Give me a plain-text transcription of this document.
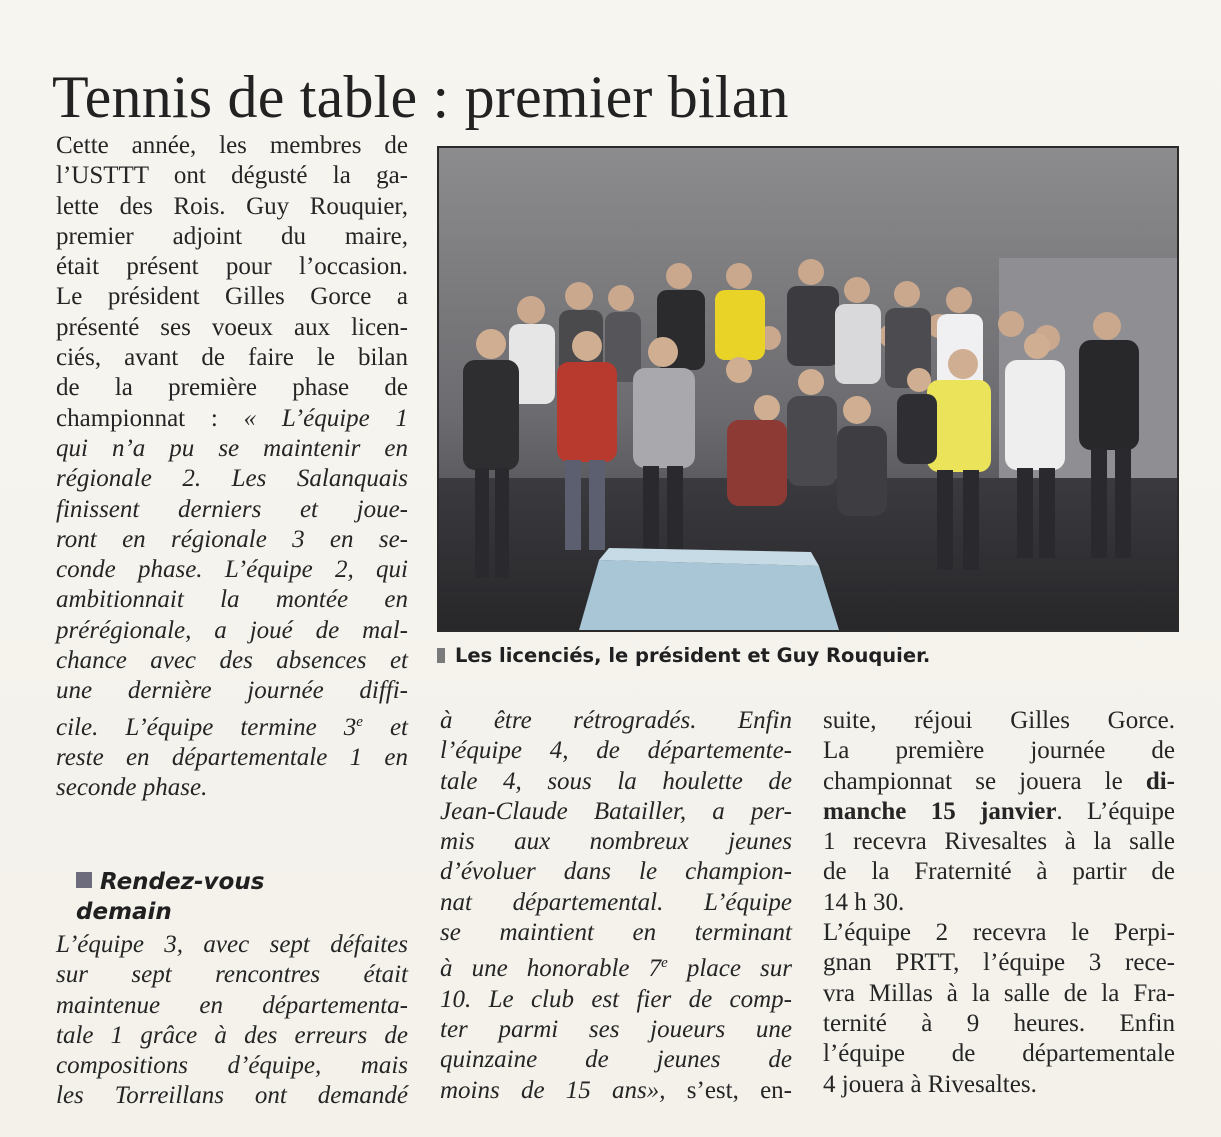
Tennis de table : premier bilan
Cette année, les membres de
l’USTTT ont dégusté la ga-
lette des Rois. Guy Rouquier,
premier adjoint du maire,
était présent pour l’occasion.
Le président Gilles Gorce a
présenté ses voeux aux licen-
ciés, avant de faire le bilan
de la première phase de
championnat : « L’équipe 1
qui n’a pu se maintenir en
régionale 2. Les Salanquais
finissent derniers et joue-
ront en régionale 3 en se-
conde phase. L’équipe 2, qui
ambitionnait la montée en
prérégionale, a joué de mal-
chance avec des absences et
une dernière journée diffi-
cile. L’équipe termine 3e et
reste en départementale 1 en
seconde phase.
Rendez-vous
demain
L’équipe 3, avec sept défaites
sur sept rencontres était
maintenue en départementa-
tale 1 grâce à des erreurs de
compositions d’équipe, mais
les Torreillans ont demandé
Les licenciés, le président et Guy Rouquier.
à être rétrogradés. Enfin
l’équipe 4, de départemente-
tale 4, sous la houlette de
Jean-Claude Batailler, a per-
mis aux nombreux jeunes
d’évoluer dans le champion-
nat départemental. L’équipe
se maintient en terminant
à une honorable 7e place sur
10. Le club est fier de comp-
ter parmi ses joueurs une
quinzaine de jeunes de
moins de 15 ans», s’est, en-
suite, réjoui Gilles Gorce.
La première journée de
championnat se jouera le di-
manche 15 janvier. L’équipe
1 recevra Rivesaltes à la salle
de la Fraternité à partir de
14 h 30.
L’équipe 2 recevra le Perpi-
gnan PRTT, l’équipe 3 rece-
vra Millas à la salle de la Fra-
ternité à 9 heures. Enfin
l’équipe de départementale
4 jouera à Rivesaltes.
